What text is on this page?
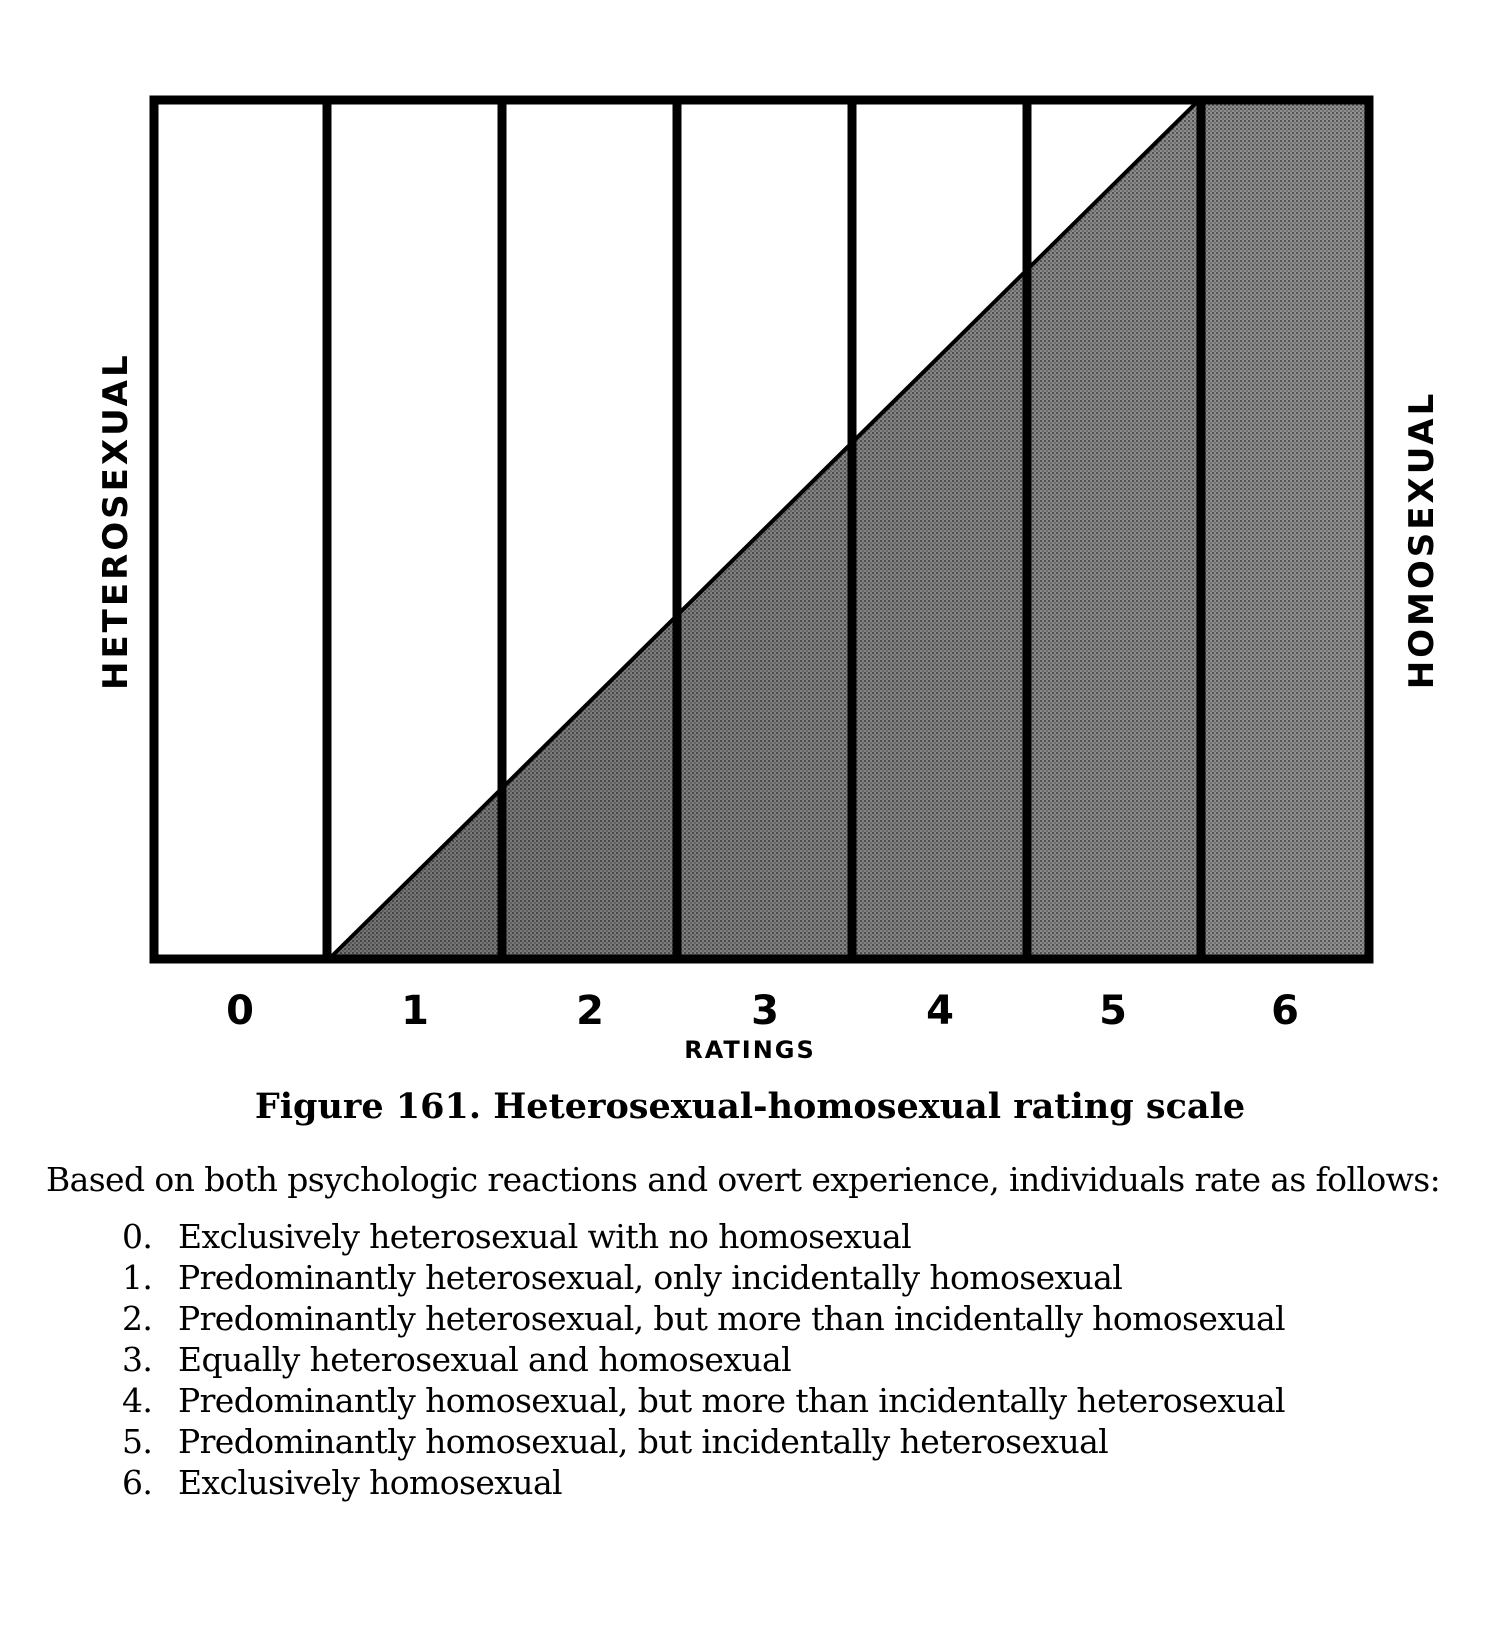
HETEROSEXUAL	HOMOSEXUAL
0	1	2	3	4	5	6
RATINGS
Figure 161. Heterosexual-homosexual rating scale
Based on both psychologic reactions and overt experience, individuals rate as follows:
0. Exclusively heterosexual with no homosexual
1. Predominantly heterosexual, only incidentally homosexual
2. Predominantly heterosexual, but more than incidentally homosexual
3. Equally heterosexual and homosexual
4. Predominantly homosexual, but more than incidentally heterosexual
5. Predominantly homosexual, but incidentally heterosexual
6. Exclusively homosexual
